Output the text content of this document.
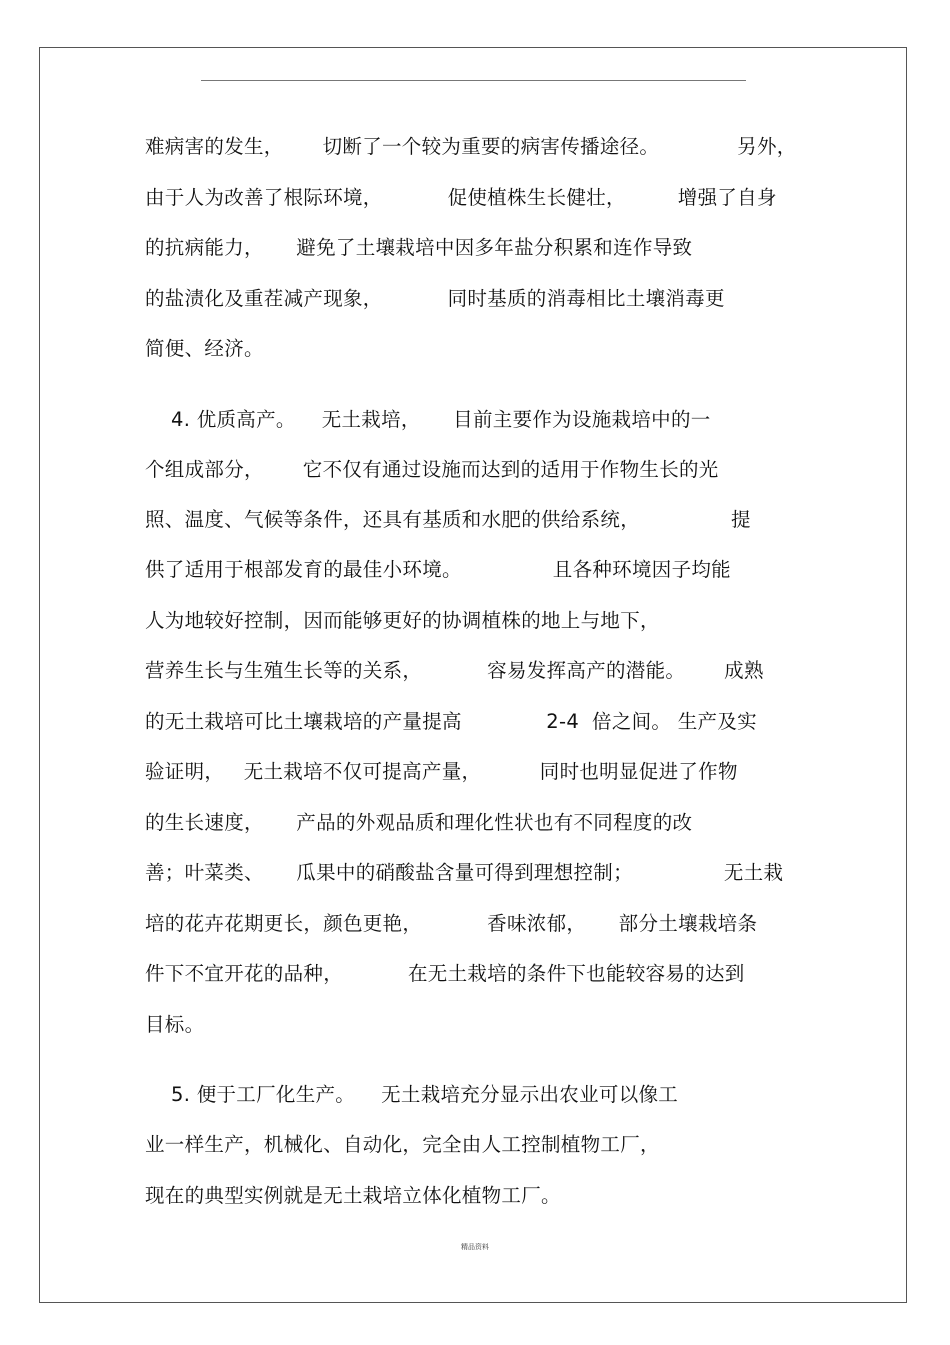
难病害的发生，      切断了一个较为重要的病害传播途径。            另外，
由于人为改善了根际环境，          促使植株生长健壮，        增强了自身
的抗病能力，     避免了土壤栽培中因多年盐分积累和连作导致
的盐渍化及重茬减产现象，          同时基质的消毒相比土壤消毒更
简便、经济。
4. 优质高产。    无土栽培，     目前主要作为设施栽培中的一
个组成部分，      它不仅有通过设施而达到的适用于作物生长的光
照、温度、气候等条件，还具有基质和水肥的供给系统，              提
供了适用于根部发育的最佳小环境。              且各种环境因子均能
人为地较好控制，因而能够更好的协调植株的地上与地下，
营养生长与生殖生长等的关系，          容易发挥高产的潜能。      成熟
的无土栽培可比土壤栽培的产量提高             2-4  倍之间。 生产及实
验证明，   无土栽培不仅可提高产量，         同时也明显促进了作物
的生长速度，     产品的外观品质和理化性状也有不同程度的改
善；叶菜类、     瓜果中的硝酸盐含量可得到理想控制；              无土栽
培的花卉花期更长，颜色更艳，          香味浓郁，     部分土壤栽培条
件下不宜开花的品种，          在无土栽培的条件下也能较容易的达到
目标。
5. 便于工厂化生产。    无土栽培充分显示出农业可以像工
业一样生产，机械化、自动化，完全由人工控制植物工厂，
现在的典型实例就是无土栽培立体化植物工厂。
精品资料
